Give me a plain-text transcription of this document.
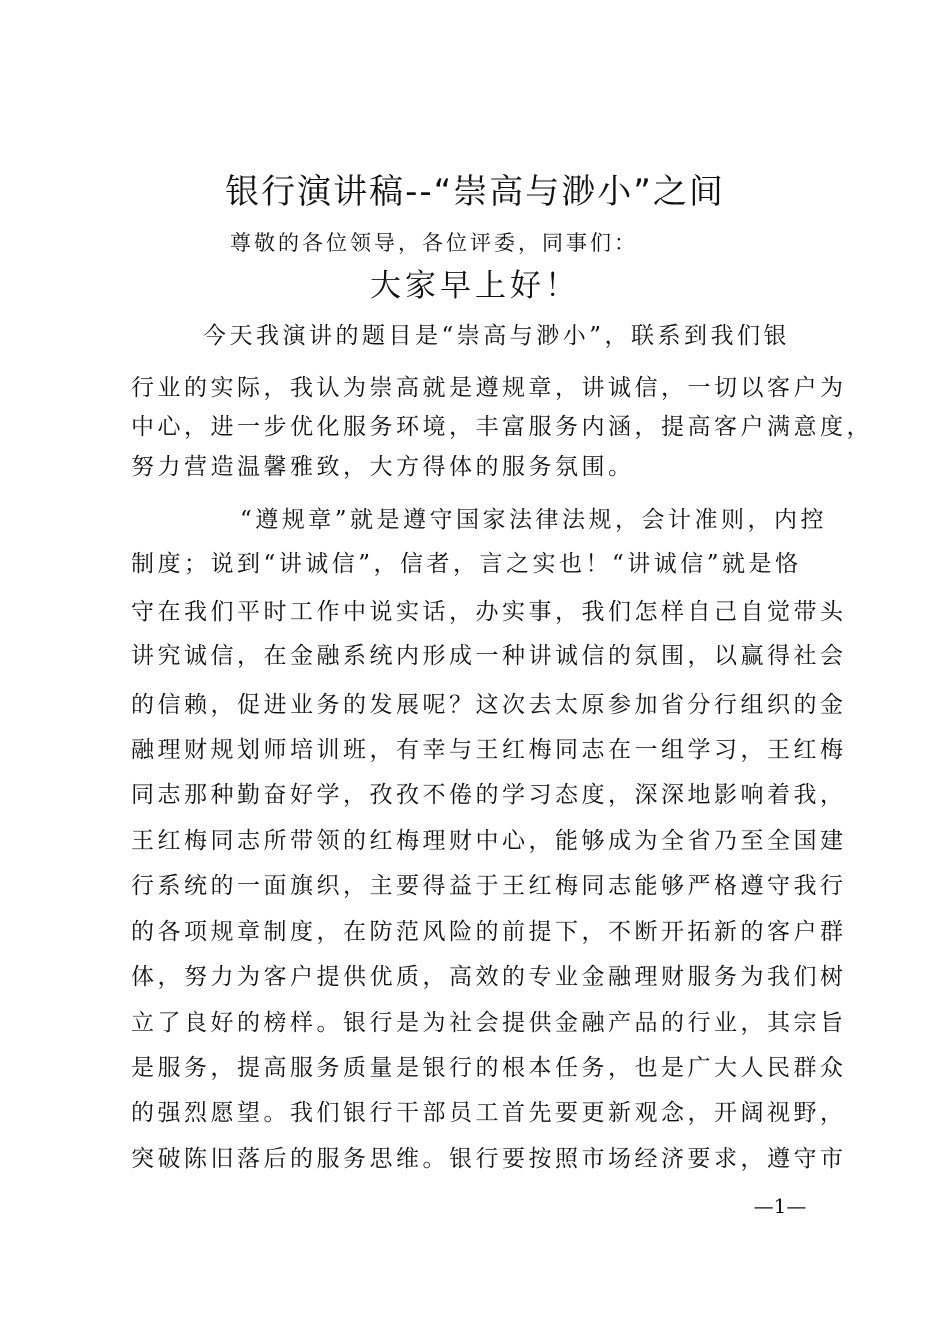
银行演讲稿--“崇高与渺小”之间
尊敬的各位领导，各位评委，同事们：
大家早上好！
今天我演讲的题目是“崇高与渺小”，联系到我们银
行业的实际，我认为崇高就是遵规章，讲诚信，一切以客户为
中心，进一步优化服务环境，丰富服务内涵，提高客户满意度，
努力营造温馨雅致，大方得体的服务氛围。
“遵规章”就是遵守国家法律法规，会计准则，内控
制度；说到“讲诚信”，信者，言之实也！“讲诚信”就是恪
守在我们平时工作中说实话，办实事，我们怎样自己自觉带头
讲究诚信，在金融系统内形成一种讲诚信的氛围，以赢得社会
的信赖，促进业务的发展呢？这次去太原参加省分行组织的金
融理财规划师培训班，有幸与王红梅同志在一组学习，王红梅
同志那种勤奋好学，孜孜不倦的学习态度，深深地影响着我，
王红梅同志所带领的红梅理财中心，能够成为全省乃至全国建
行系统的一面旗织，主要得益于王红梅同志能够严格遵守我行
的各项规章制度，在防范风险的前提下，不断开拓新的客户群
体，努力为客户提供优质，高效的专业金融理财服务为我们树
立了良好的榜样。银行是为社会提供金融产品的行业，其宗旨
是服务，提高服务质量是银行的根本任务，也是广大人民群众
的强烈愿望。我们银行干部员工首先要更新观念，开阔视野，
突破陈旧落后的服务思维。银行要按照市场经济要求，遵守市
—1—
